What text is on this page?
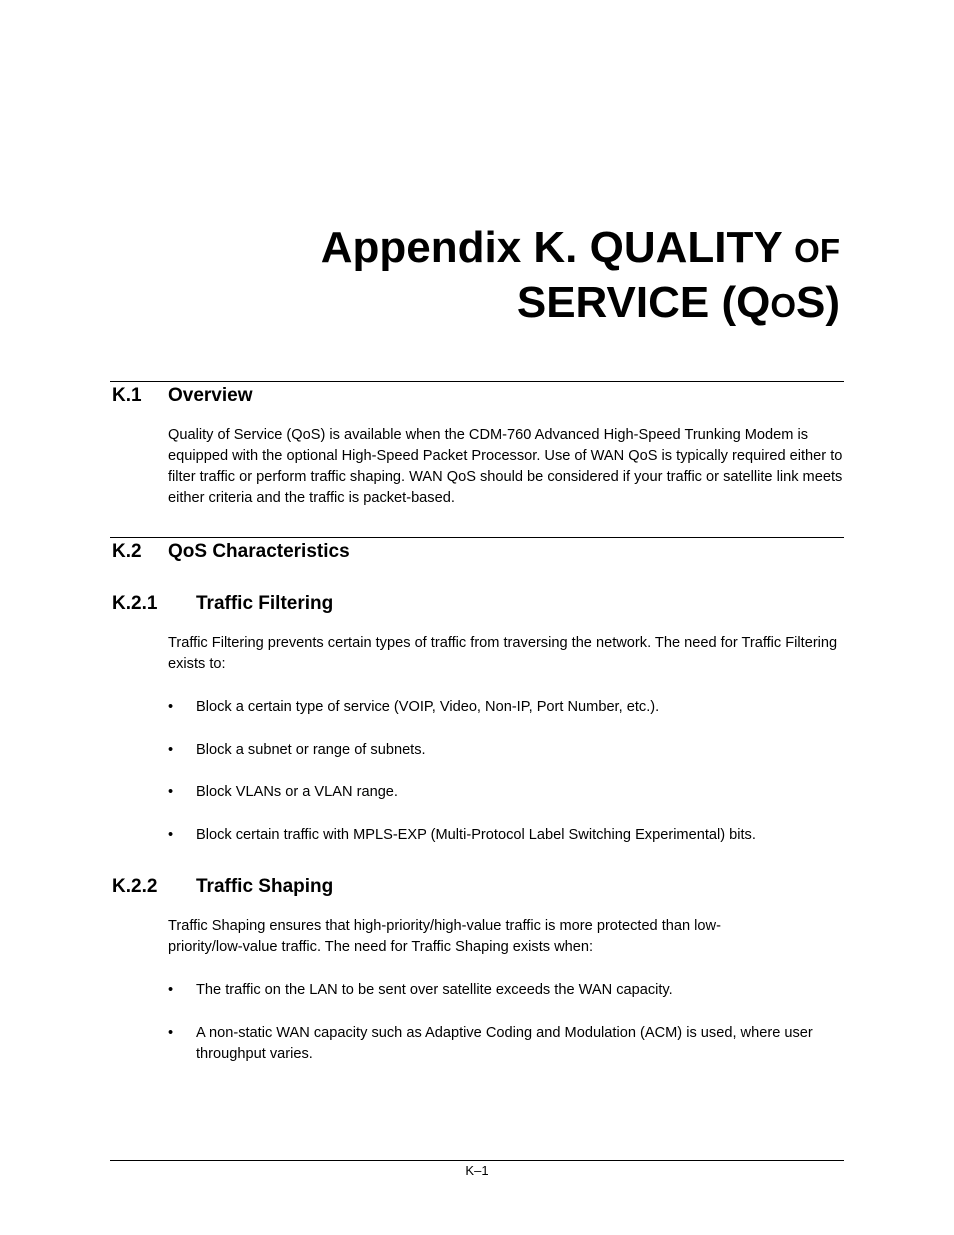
Appendix K. QUALITY OF
SERVICE (QOS)
K.1 Overview
Quality of Service (QoS) is available when the CDM-760 Advanced High-Speed Trunking Modem is equipped with the optional High-Speed Packet Processor. Use of WAN QoS is typically required either to filter traffic or perform traffic shaping. WAN QoS should be considered if your traffic or satellite link meets either criteria and the traffic is packet-based.
K.2 QoS Characteristics
K.2.1 Traffic Filtering
Traffic Filtering prevents certain types of traffic from traversing the network. The need for Traffic Filtering exists to:
•	Block a certain type of service (VOIP, Video, Non-IP, Port Number, etc.).
•	Block a subnet or range of subnets.
•	Block VLANs or a VLAN range.
•	Block certain traffic with MPLS-EXP (Multi-Protocol Label Switching Experimental) bits.
K.2.2 Traffic Shaping
Traffic Shaping ensures that high-priority/high-value traffic is more protected than low-priority/low-value traffic. The need for Traffic Shaping exists when:
•	The traffic on the LAN to be sent over satellite exceeds the WAN capacity.
•	A non-static WAN capacity such as Adaptive Coding and Modulation (ACM) is used, where user throughput varies.
K–1
